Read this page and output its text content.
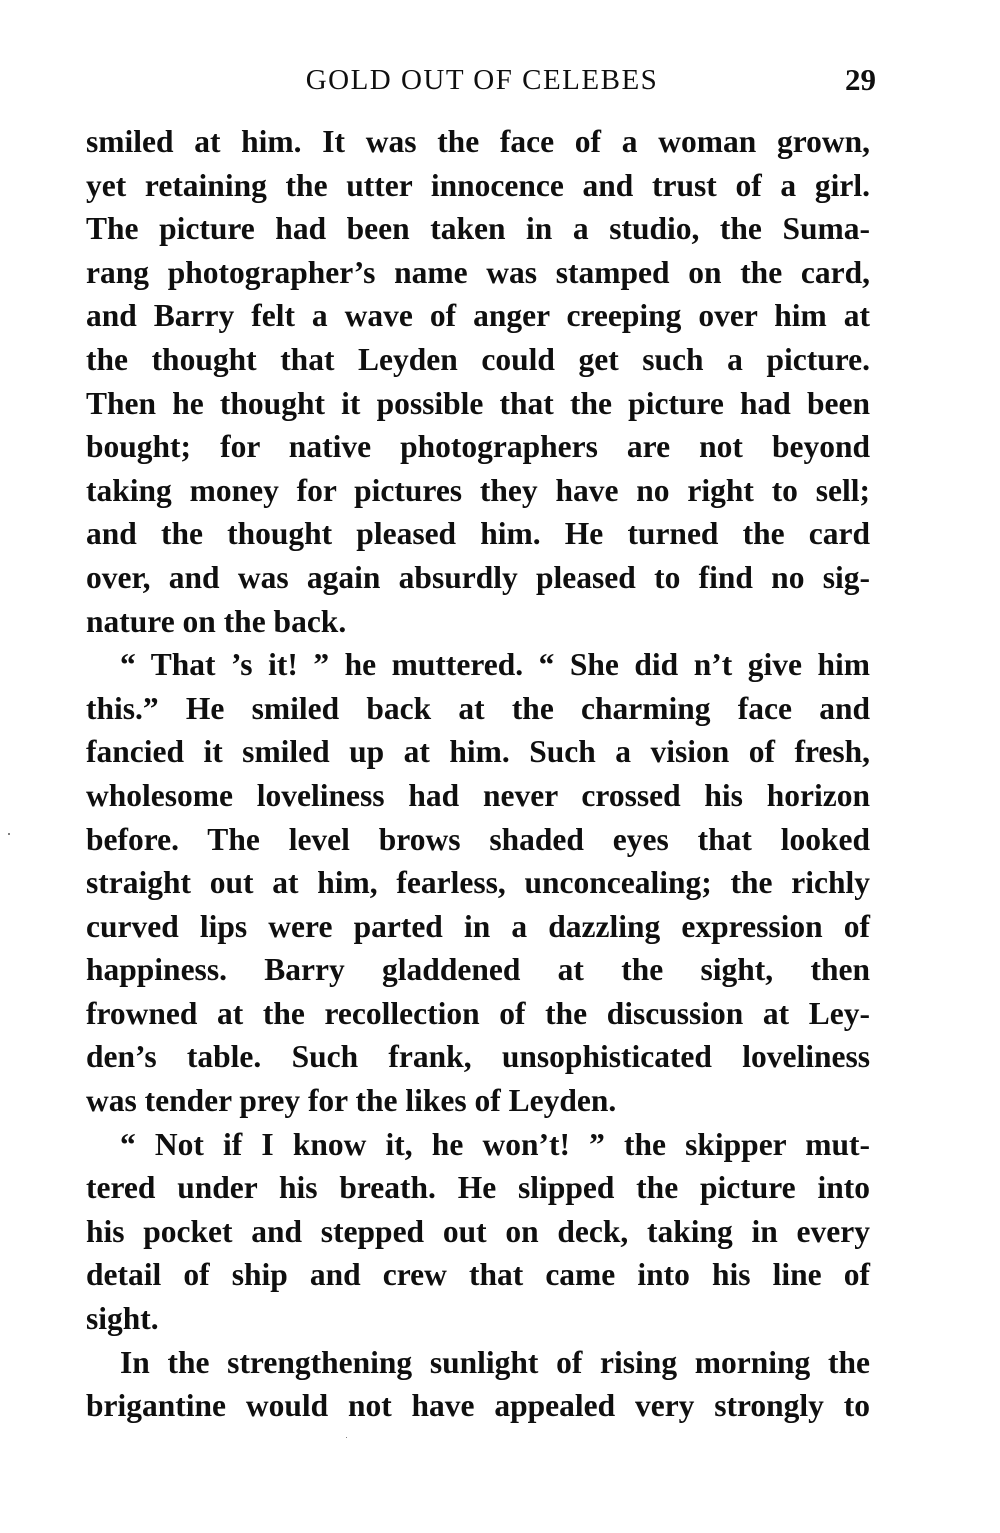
GOLD OUT OF CELEBES	29
smiled at him. It was the face of a woman grown,
yet retaining the utter innocence and trust of a girl.
The picture had been taken in a studio, the Suma-
rang photographer’s name was stamped on the card,
and Barry felt a wave of anger creeping over him at
the thought that Leyden could get such a picture.
Then he thought it possible that the picture had been
bought; for native photographers are not beyond
taking money for pictures they have no right to sell;
and the thought pleased him. He turned the card
over, and was again absurdly pleased to find no sig-
nature on the back.
“ That ’s it! ” he muttered. “ She did n’t give him
this.” He smiled back at the charming face and
fancied it smiled up at him. Such a vision of fresh,
wholesome loveliness had never crossed his horizon
before. The level brows shaded eyes that looked
straight out at him, fearless, unconcealing; the richly
curved lips were parted in a dazzling expression of
happiness. Barry gladdened at the sight, then
frowned at the recollection of the discussion at Ley-
den’s table. Such frank, unsophisticated loveliness
was tender prey for the likes of Leyden.
“ Not if I know it, he won’t! ” the skipper mut-
tered under his breath. He slipped the picture into
his pocket and stepped out on deck, taking in every
detail of ship and crew that came into his line of
sight.
In the strengthening sunlight of rising morning the
brigantine would not have appealed very strongly to
